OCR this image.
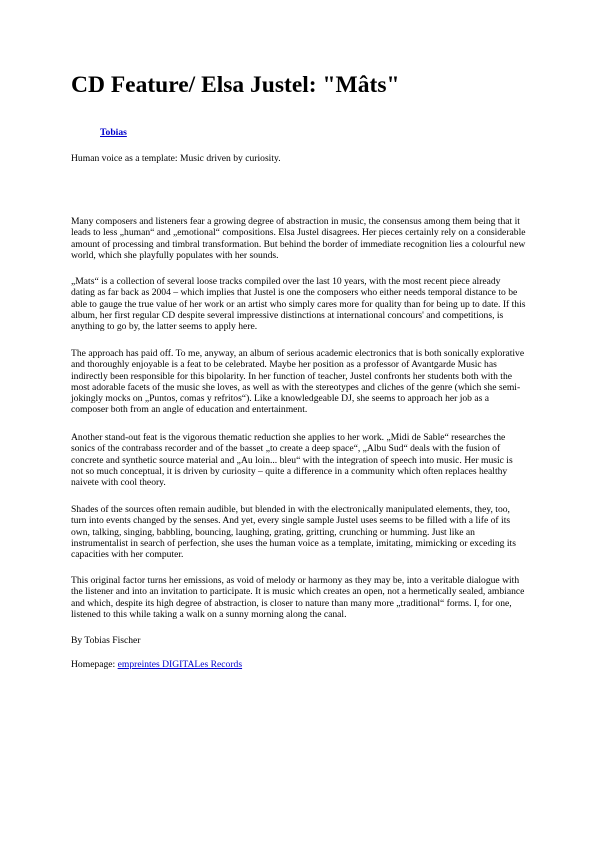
CD Feature/ Elsa Justel: "Mâts"
Tobias

Human voice as a template: Music driven by curiosity.

Many composers and listeners fear a growing degree of abstraction in music, the consensus among them being that it leads to less „human“ and „emotional“ compositions. Elsa Justel disagrees. Her pieces certainly rely on a considerable amount of processing and timbral transformation. But behind the border of immediate recognition lies a colourful new world, which she playfully populates with her sounds.

„Mats“ is a collection of several loose tracks compiled over the last 10 years, with the most recent piece already dating as far back as 2004 – which implies that Justel is one the composers who either needs temporal distance to be able to gauge the true value of her work or an artist who simply cares more for quality than for being up to date. If this album, her first regular CD despite several impressive distinctions at international concours' and competitions, is anything to go by, the latter seems to apply here.

The approach has paid off. To me, anyway, an album of serious academic electronics that is both sonically explorative and thoroughly enjoyable is a feat to be celebrated. Maybe her position as a professor of Avantgarde Music has indirectly been responsible for this bipolarity. In her function of teacher, Justel confronts her students both with the most adorable facets of the music she loves, as well as with the stereotypes and cliches of the genre (which she semi-jokingly mocks on „Puntos, comas y refritos“). Like a knowledgeable DJ, she seems to approach her job as a composer both from an angle of education and entertainment.

Another stand-out feat is the vigorous thematic reduction she applies to her work. „Midi de Sable“ researches the sonics of the contrabass recorder and of the basset „to create a deep space“, „Albu Sud“ deals with the fusion of concrete and synthetic source material and „Au loin... bleu“ with the integration of speech into music. Her music is not so much conceptual, it is driven by curiosity – quite a difference in a community which often replaces healthy naivete with cool theory.

Shades of the sources often remain audible, but blended in with the electronically manipulated elements, they, too, turn into events changed by the senses. And yet, every single sample Justel uses seems to be filled with a life of its own, talking, singing, babbling, bouncing, laughing, grating, gritting, crunching or humming. Just like an instrumentalist in search of perfection, she uses the human voice as a template, imitating, mimicking or exceding its capacities with her computer.

This original factor turns her emissions, as void of melody or harmony as they may be, into a veritable dialogue with the listener and into an invitation to participate. It is music which creates an open, not a hermetically sealed, ambiance and which, despite its high degree of abstraction, is closer to nature than many more „traditional“ forms. I, for one, listened to this while taking a walk on a sunny morning along the canal.

By Tobias Fischer

Homepage: empreintes DIGITALes Records
